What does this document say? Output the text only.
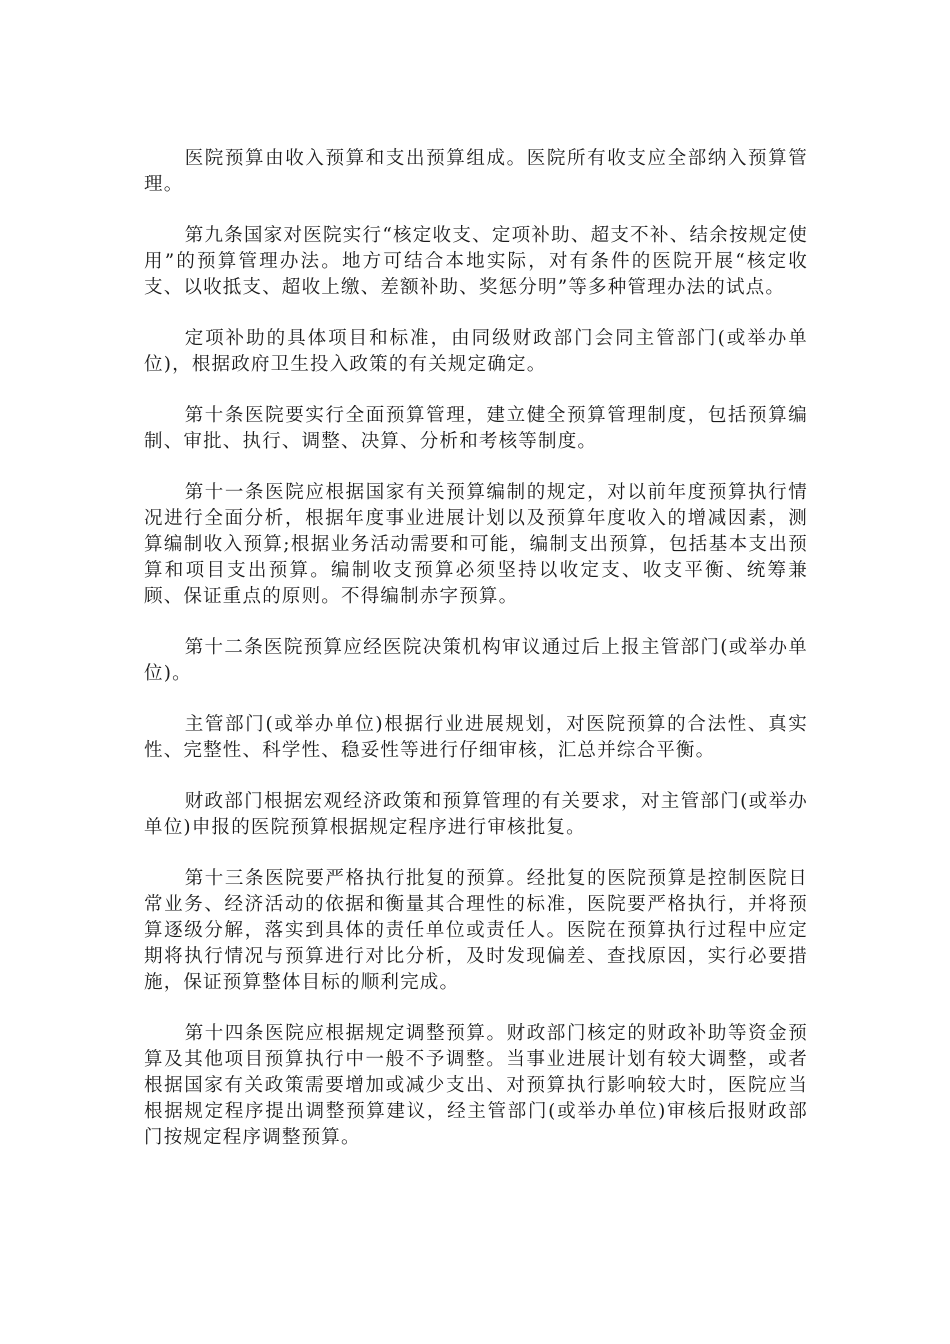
医院预算由收入预算和支出预算组成。医院所有收支应全部纳入预算管理。

第九条国家对医院实行“核定收支、定项补助、超支不补、结余按规定使用”的预算管理办法。地方可结合本地实际，对有条件的医院开展“核定收支、以收抵支、超收上缴、差额补助、奖惩分明”等多种管理办法的试点。

定项补助的具体项目和标准，由同级财政部门会同主管部门(或举办单位)，根据政府卫生投入政策的有关规定确定。

第十条医院要实行全面预算管理，建立健全预算管理制度，包括预算编制、审批、执行、调整、决算、分析和考核等制度。

第十一条医院应根据国家有关预算编制的规定，对以前年度预算执行情况进行全面分析，根据年度事业进展计划以及预算年度收入的增减因素，测算编制收入预算;根据业务活动需要和可能，编制支出预算，包括基本支出预算和项目支出预算。编制收支预算必须坚持以收定支、收支平衡、统筹兼顾、保证重点的原则。不得编制赤字预算。

第十二条医院预算应经医院决策机构审议通过后上报主管部门(或举办单位)。

主管部门(或举办单位)根据行业进展规划，对医院预算的合法性、真实性、完整性、科学性、稳妥性等进行仔细审核，汇总并综合平衡。

财政部门根据宏观经济政策和预算管理的有关要求，对主管部门(或举办单位)申报的医院预算根据规定程序进行审核批复。

第十三条医院要严格执行批复的预算。经批复的医院预算是控制医院日常业务、经济活动的依据和衡量其合理性的标准，医院要严格执行，并将预算逐级分解，落实到具体的责任单位或责任人。医院在预算执行过程中应定期将执行情况与预算进行对比分析，及时发现偏差、查找原因，实行必要措施，保证预算整体目标的顺利完成。

第十四条医院应根据规定调整预算。财政部门核定的财政补助等资金预算及其他项目预算执行中一般不予调整。当事业进展计划有较大调整，或者根据国家有关政策需要增加或减少支出、对预算执行影响较大时，医院应当根据规定程序提出调整预算建议，经主管部门(或举办单位)审核后报财政部门按规定程序调整预算。
